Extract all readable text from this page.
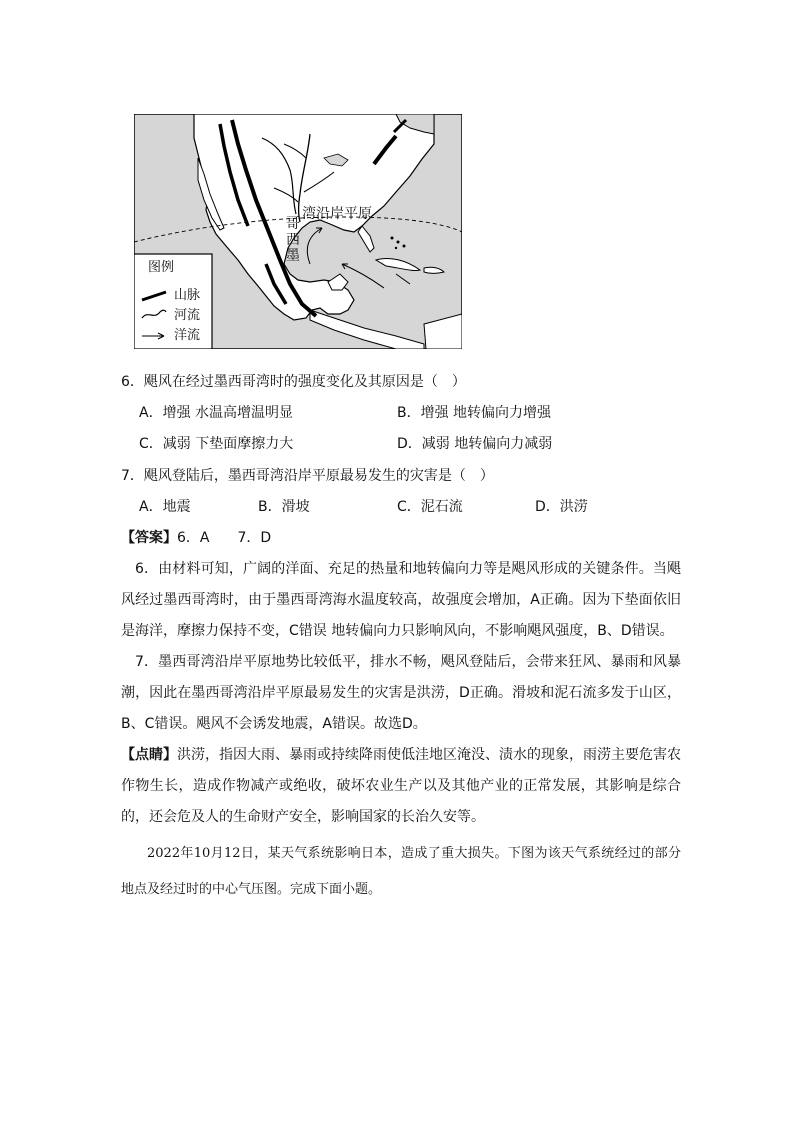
图例
山脉
河流
洋流
哥
湾沿岸平原
西
墨
6．飓风在经过墨西哥湾时的强度变化及其原因是（　）
A．增强 水温高增温明显	B．增强 地转偏向力增强
C．减弱 下垫面摩擦力大	D．减弱 地转偏向力减弱
7．飓风登陆后，墨西哥湾沿岸平原最易发生的灾害是（　）
A．地震	B．滑坡	C．泥石流	D．洪涝
【答案】6．A　　7．D
6．由材料可知，广阔的洋面、充足的热量和地转偏向力等是飓风形成的关键条件。当飓风经过墨西哥湾时，由于墨西哥湾海水温度较高，故强度会增加，A正确。因为下垫面依旧是海洋，摩擦力保持不变，C错误 地转偏向力只影响风向，不影响飓风强度，B、D错误。
7．墨西哥湾沿岸平原地势比较低平，排水不畅，飓风登陆后，会带来狂风、暴雨和风暴潮，因此在墨西哥湾沿岸平原最易发生的灾害是洪涝，D正确。滑坡和泥石流多发于山区，B、C错误。飓风不会诱发地震，A错误。故选D。
【点睛】洪涝，指因大雨、暴雨或持续降雨使低洼地区淹没、渍水的现象，雨涝主要危害农作物生长，造成作物减产或绝收，破坏农业生产以及其他产业的正常发展，其影响是综合的，还会危及人的生命财产安全，影响国家的长治久安等。
2022年10月12日，某天气系统影响日本，造成了重大损失。下图为该天气系统经过的部分地点及经过时的中心气压图。完成下面小题。
